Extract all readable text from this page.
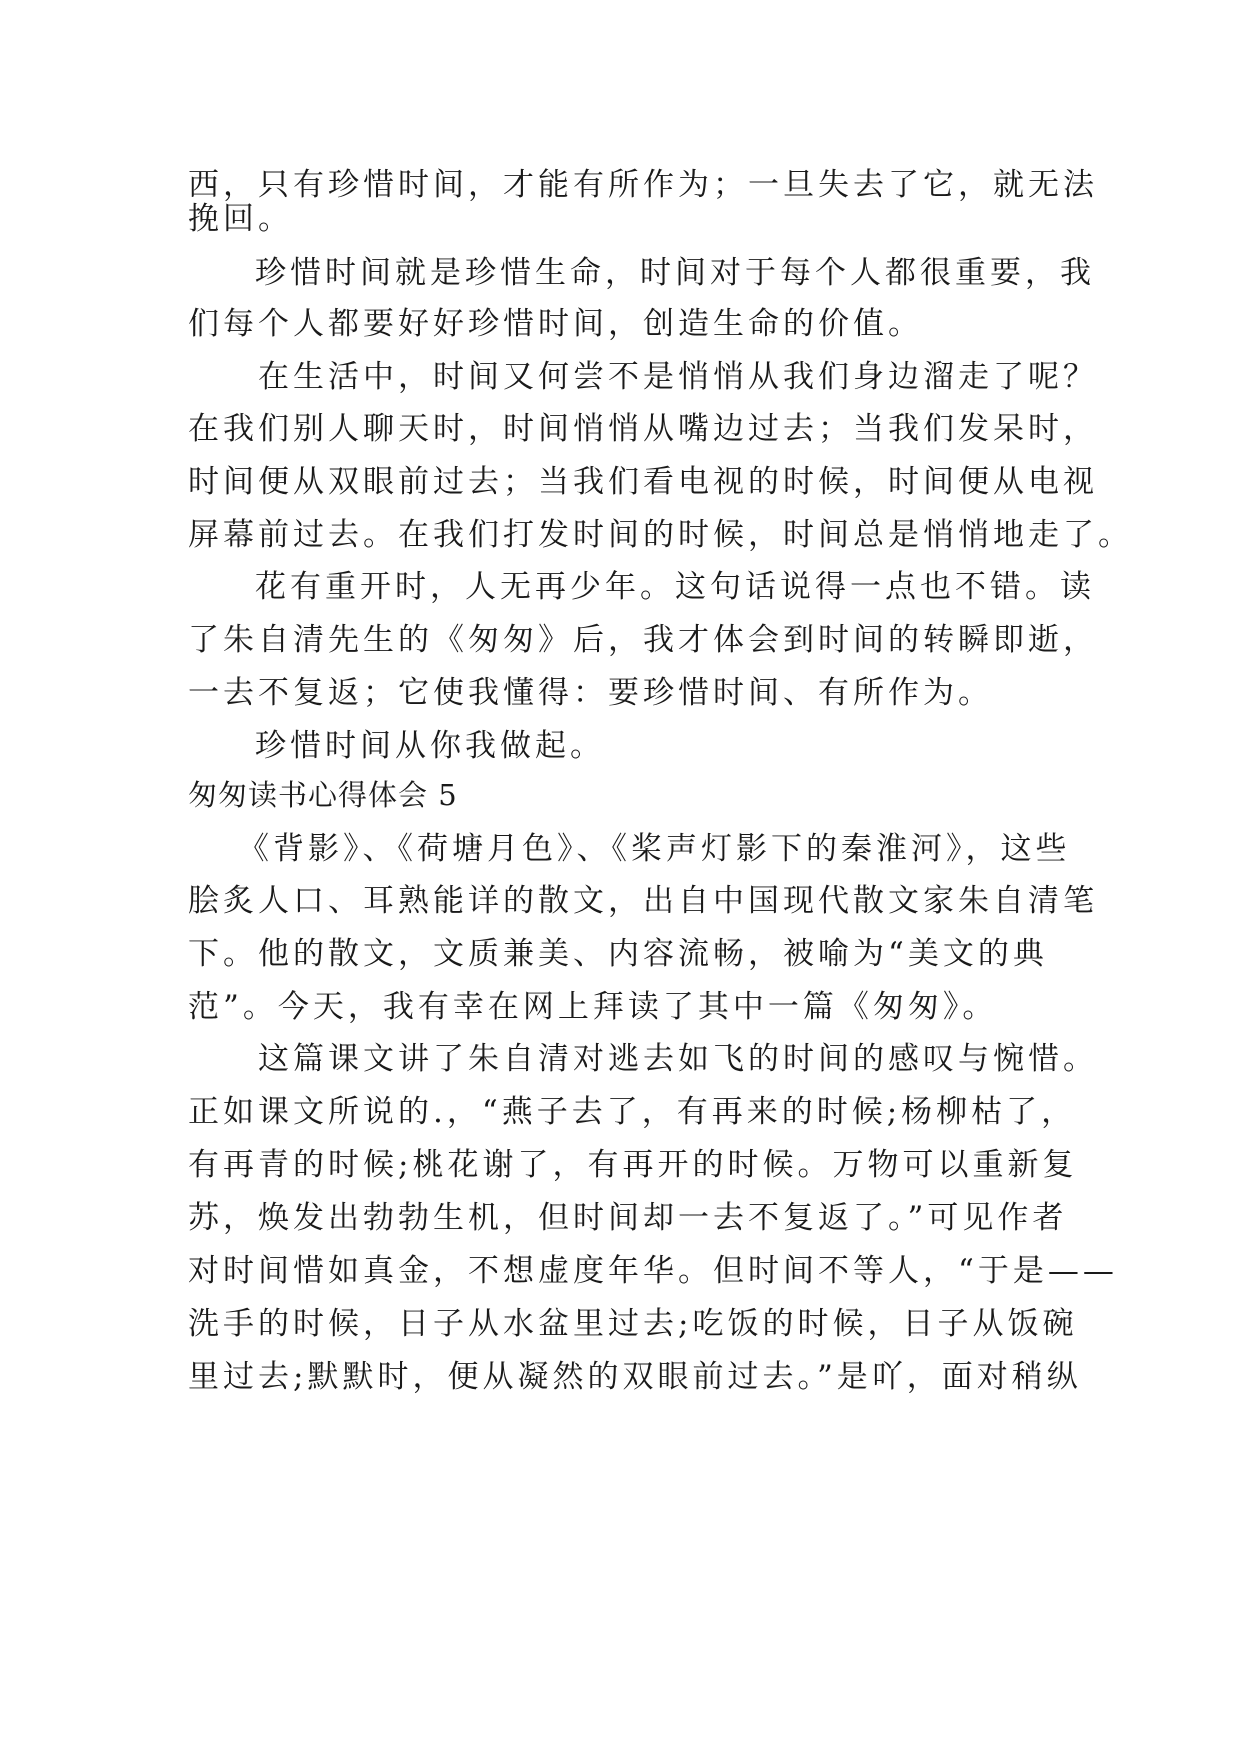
西，只有珍惜时间，才能有所作为；一旦失去了它，就无法
挽回。
珍惜时间就是珍惜生命，时间对于每个人都很重要，我
们每个人都要好好珍惜时间，创造生命的价值。
在生活中，时间又何尝不是悄悄从我们身边溜走了呢？
在我们别人聊天时，时间悄悄从嘴边过去；当我们发呆时，
时间便从双眼前过去；当我们看电视的时候，时间便从电视
屏幕前过去。在我们打发时间的时候，时间总是悄悄地走了。
花有重开时，人无再少年。这句话说得一点也不错。读
了朱自清先生的《匆匆》后，我才体会到时间的转瞬即逝，
一去不复返；它使我懂得：要珍惜时间、有所作为。
珍惜时间从你我做起。
匆匆读书心得体会 5
《背影》、《荷塘月色》、《桨声灯影下的秦淮河》，这些
脍炙人口、耳熟能详的散文，出自中国现代散文家朱自清笔
下。他的散文，文质兼美、内容流畅，被喻为“美文的典
范”。今天，我有幸在网上拜读了其中一篇《匆匆》。
这篇课文讲了朱自清对逃去如飞的时间的感叹与惋惜。
正如课文所说的.，“燕子去了，有再来的时候;杨柳枯了，
有再青的时候;桃花谢了，有再开的时候。万物可以重新复
苏，焕发出勃勃生机，但时间却一去不复返了。”可见作者
对时间惜如真金，不想虚度年华。但时间不等人，“于是——
洗手的时候，日子从水盆里过去;吃饭的时候，日子从饭碗
里过去;默默时，便从凝然的双眼前过去。”是吖，面对稍纵
